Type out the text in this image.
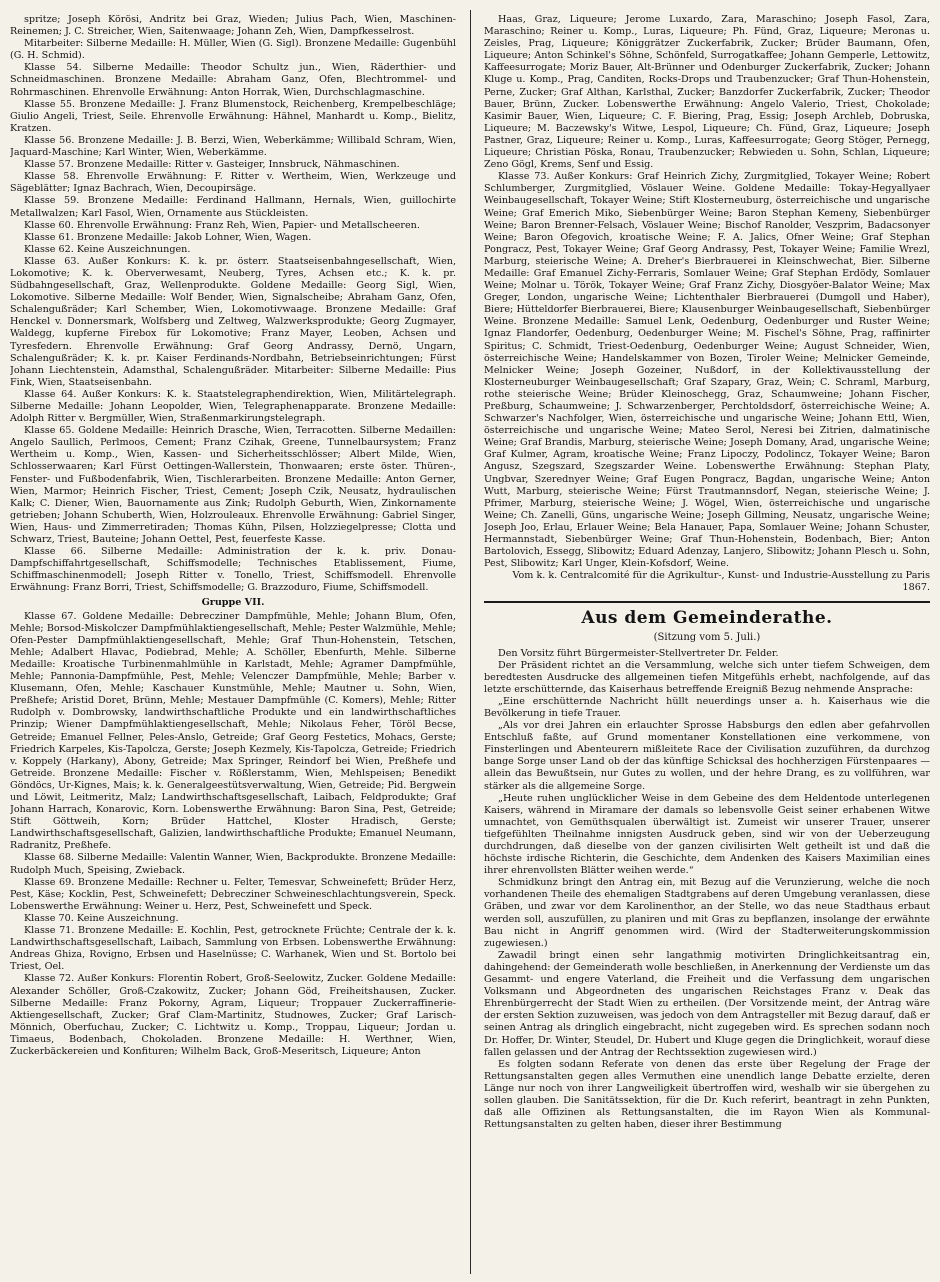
spritze; Joseph Körösi, Andritz bei Graz, Wieden; Julius Pach, Wien, Maschinen-Reinemen; J. C. Streicher, Wien, Saitenwaage; Johann Zeh, Wien, Dampfkesselrost.

Mitarbeiter: Silberne Medaille: H. Müller, Wien (G. Sigl). Bronzene Medaille: Gugenbühl (G. H. Schmid).

Klasse 54. Silberne Medaille: Theodor Schultz jun., Wien, Räderthier- und Schneidmaschinen. Bronzene Medaille: Abraham Ganz, Ofen, Blechtrommel- und Rohrmaschinen. Ehrenvolle Erwähnung: Anton Horrak, Wien, Durchschlagmaschine.

Klasse 55. Bronzene Medaille: J. Franz Blumenstock, Reichenberg, Krempelbeschläge; Giulio Angeli, Triest, Seile. Ehrenvolle Erwähnung: Hähnel, Manhardt u. Komp., Bielitz, Kratzen.

Klasse 56. Bronzene Medaille: J. B. Berzi, Wien, Weberkämme; Willibald Schram, Wien, Jaquard-Maschine; Karl Winter, Wien, Weberkämme.

Klasse 57. Bronzene Medaille: Ritter v. Gasteiger, Innsbruck, Nähmaschinen.

Klasse 58. Ehrenvolle Erwähnung: F. Ritter v. Wertheim, Wien, Werkzeuge und Sägeblätter; Ignaz Bachrach, Wien, Decoupirsäge.

Klasse 59. Bronzene Medaille: Ferdinand Hallmann, Hernals, Wien, guillochirte Metallwalzen; Karl Fasol, Wien, Ornamente aus Stückleisten.

Klasse 60. Ehrenvolle Erwähnung: Franz Reh, Wien, Papier- und Metallscheeren.

Klasse 61. Bronzene Medaille: Jakob Lohner, Wien, Wagen.

Klasse 62. Keine Auszeichnungen.

Klasse 63. Außer Konkurs: K. k. pr. österr. Staatseisenbahngesellschaft, Wien, Lokomotive; K. k. Oberverwesamt, Neuberg, Tyres, Achsen etc.; K. k. pr. Südbahngesellschaft, Graz, Wellenprodukte. Goldene Medaille: Georg Sigl, Wien, Lokomotive. Silberne Medaille: Wolf Bender, Wien, Signalscheibe; Abraham Ganz, Ofen, Schalengußräder; Karl Schember, Wien, Lokomotivwaage. Bronzene Medaille: Graf Henckel v. Donnersmark, Wolfsberg und Zeltweg, Walzwerksprodukte; Georg Zugmayer, Waldegg, kupferne Firebox für Lokomotive; Franz Mayer, Leoben, Achsen und Tyresfedern. Ehrenvolle Erwähnung: Graf Georg Andrassy, Dernö, Ungarn, Schalengußräder; K. k. pr. Kaiser Ferdinands-Nordbahn, Betriebseinrichtungen; Fürst Johann Liechtenstein, Adamsthal, Schalengußräder. Mitarbeiter: Silberne Medaille: Pius Fink, Wien, Staatseisenbahn.

Klasse 64. Außer Konkurs: K. k. Staatstelegraphendirektion, Wien, Militärtelegraph. Silberne Medaille: Johann Leopolder, Wien, Telegraphenapparate. Bronzene Medaille: Adolph Ritter v. Bergmüller, Wien, Straßenmarkirungstelegraph.

Klasse 65. Goldene Medaille: Heinrich Drasche, Wien, Terracotten. Silberne Medaillen: Angelo Saullich, Perlmoos, Cement; Franz Czihak, Greene, Tunnelbaursystem; Franz Wertheim u. Komp., Wien, Kassen- und Sicherheitsschlösser; Albert Milde, Wien, Schlosserwaaren; Karl Fürst Oettingen-Wallerstein, Thonwaaren; erste öster. Thüren-, Fenster- und Fußbodenfabrik, Wien, Tischlerarbeiten. Bronzene Medaille: Anton Gerner, Wien, Marmor; Heinrich Fischer, Triest, Cement; Joseph Czik, Neusatz, hydraulischen Kalk; C. Diener, Wien, Bauornamente aus Zink; Rudolph Geburth, Wien, Zinkornamente getrieben; Johann Schuberth, Wien, Holzrouleaux. Ehrenvolle Erwähnung: Gabriel Singer, Wien, Haus- und Zimmerretiraden; Thomas Kühn, Pilsen, Holzziegelpresse; Clotta und Schwarz, Triest, Bauteine; Johann Oettel, Pest, feuerfeste Kasse.

Klasse 66. Silberne Medaille: Administration der k. k. priv. Donau-Dampfschiffahrtgesellschaft, Schiffsmodelle; Technisches Etablissement, Fiume, Schiffmaschinenmodell; Joseph Ritter v. Tonello, Triest, Schiffsmodell. Ehrenvolle Erwähnung: Franz Borri, Triest, Schiffsmodelle; G. Brazzoduro, Fiume, Schiffsmodell.

Gruppe VII.

Klasse 67. Goldene Medaille: Debrecziner Dampfmühle, Mehle; Johann Blum, Ofen, Mehle; Borsod-Miskolczer Dampfmühlaktiengesellschaft, Mehle; Pester Walzmühle, Mehle; Ofen-Pester Dampfmühlaktiengesellschaft, Mehle; Graf Thun-Hohenstein, Tetschen, Mehle; Adalbert Hlavac, Podiebrad, Mehle; A. Schöller, Ebenfurth, Mehle. Silberne Medaille: Kroatische Turbinenmahlmühle in Karlstadt, Mehle; Agramer Dampfmühle, Mehle; Pannonia-Dampfmühle, Pest, Mehle; Velenczer Dampfmühle, Mehle; Barber v. Klusemann, Ofen, Mehle; Kaschauer Kunstmühle, Mehle; Mautner u. Sohn, Wien, Preßhefe; Aristid Doret, Brünn, Mehle; Mestauer Dampfmühle (C. Komers), Mehle; Ritter Rudolph v. Dombrowsky, landwirthschaftliche Produkte und ein landwirthschaftliches Prinzip; Wiener Dampfmühlaktiengesellschaft, Mehle; Nikolaus Feher, Töröl Becse, Getreide; Emanuel Fellner, Peles-Anslo, Getreide; Graf Georg Festetics, Mohacs, Gerste; Friedrich Karpeles, Kis-Tapolcza, Gerste; Joseph Kezmely, Kis-Tapolcza, Getreide; Friedrich v. Koppely (Harkany), Abony, Getreide; Max Springer, Reindorf bei Wien, Preßhefe und Getreide. Bronzene Medaille: Fischer v. Rößlerstamm, Wien, Mehlspeisen; Benedikt Göndöcs, Ur-Kignes, Mais; k. k. Generalgeestütsverwaltung, Wien, Getreide; Pid. Bergwein und Löwit, Leitmeritz, Malz; Landwirthschaftsgesellschaft, Laibach, Feldprodukte; Graf Johann Harrach, Konarovic, Korn. Lobenswerthe Erwähnung: Baron Sina, Pest, Getreide; Stift Göttweih, Korn; Brüder Hattchel, Kloster Hradisch, Gerste; Landwirthschaftsgesellschaft, Galizien, landwirthschaftliche Produkte; Emanuel Neumann, Radranitz, Preßhefe.

Klasse 68. Silberne Medaille: Valentin Wanner, Wien, Backprodukte. Bronzene Medaille: Rudolph Much, Speising, Zwieback.

Klasse 69. Bronzene Medaille: Rechner u. Felter, Temesvar, Schweinefett; Brüder Herz, Pest, Käse; Kocklin, Pest, Schweinefett; Debrecziner Schweineschlachtungsverein, Speck. Lobenswerthe Erwähnung: Weiner u. Herz, Pest, Schweinefett und Speck.

Klasse 70. Keine Auszeichnung.

Klasse 71. Bronzene Medaille: E. Kochlin, Pest, getrocknete Früchte; Centrale der k. k. Landwirthschaftsgesellschaft, Laibach, Sammlung von Erbsen. Lobenswerthe Erwähnung: Andreas Ghiza, Rovigno, Erbsen und Haselnüsse; C. Warhanek, Wien und St. Bortolo bei Triest, Oel.

Klasse 72. Außer Konkurs: Florentin Robert, Groß-Seelowitz, Zucker. Goldene Medaille: Alexander Schöller, Groß-Czakowitz, Zucker; Johann Göd, Freiheitshausen, Zucker. Silberne Medaille: Franz Pokorny, Agram, Liqueur; Troppauer Zuckerraffinerie-Aktiengesellschaft, Zucker; Graf Clam-Martinitz, Studnowes, Zucker; Graf Larisch-Mönnich, Oberfuchau, Zucker; C. Lichtwitz u. Komp., Troppau, Liqueur; Jordan u. Timaeus, Bodenbach, Chokoladen. Bronzene Medaille: H. Werthner, Wien, Zuckerbäckereien und Konfituren; Wilhelm Back, Groß-Meseritsch, Liqueure; Anton

Haas, Graz, Liqueure; Jerome Luxardo, Zara, Maraschino; Joseph Fasol, Zara, Maraschino; Reiner u. Komp., Luras, Liqueure; Ph. Fünd, Graz, Liqueure; Meronas u. Zeisles, Prag, Liqueure; Königgrätzer Zuckerfabrik, Zucker; Brüder Baumann, Ofen, Liqueure; Anton Schinkel's Söhne, Schönfeld, Surrogatkaffee; Johann Gemperle, Lettowitz, Kaffeesurrogate; Moriz Bauer, Alt-Brünner und Odenburger Zuckerfabrik, Zucker; Johann Kluge u. Komp., Prag, Canditen, Rocks-Drops und Traubenzucker; Graf Thun-Hohenstein, Perne, Zucker; Graf Althan, Karlsthal, Zucker; Banzdorfer Zuckerfabrik, Zucker; Theodor Bauer, Brünn, Zucker. Lobenswerthe Erwähnung: Angelo Valerio, Triest, Chokolade; Kasimir Bauer, Wien, Liqueure; C. F. Biering, Prag, Essig; Joseph Archleb, Dobruska, Liqueure; M. Baczewsky's Witwe, Lespol, Liqueure; Ch. Fünd, Graz, Liqueure; Joseph Pastner, Graz, Liqueure; Reiner u. Komp., Luras, Kaffeesurrogate; Georg Stöger, Pernegg, Liqueure; Christian Pöska, Ronau, Traubenzucker; Rebwieden u. Sohn, Schlan, Liqueure; Zeno Gögl, Krems, Senf und Essig.

Klasse 73. Außer Konkurs: Graf Heinrich Zichy, Zurgmitglied, Tokayer Weine; Robert Schlumberger, Zurgmitglied, Vöslauer Weine. Goldene Medaille: Tokay-Hegyallyaer Weinbaugesellschaft, Tokayer Weine; Stift Klosterneuburg, österreichische und ungarische Weine; Graf Emerich Miko, Siebenbürger Weine; Baron Stephan Kemeny, Siebenbürger Weine; Baron Brenner-Felsach, Vöslauer Weine; Bischof Ranolder, Veszprim, Badacsonyer Weine; Baron Ofegovich, kroatische Weine; F. A. Jalics, Ofner Weine; Graf Stephan Pongracz, Pest, Tokayer Weine; Graf Georg Andrassy, Pest, Tokayer Weine; Familie Wrezl, Marburg, steierische Weine; A. Dreher's Bierbrauerei in Kleinschwechat, Bier. Silberne Medaille: Graf Emanuel Zichy-Ferraris, Somlauer Weine; Graf Stephan Erdödy, Somlauer Weine; Molnar u. Török, Tokayer Weine; Graf Franz Zichy, Diosgyöer-Balator Weine; Max Greger, London, ungarische Weine; Lichtenthaler Bierbrauerei (Dumgoll und Haber), Biere; Hütteldorfer Bierbrauerei, Biere; Klausenburger Weinbaugesellschaft, Siebenbürger Weine. Bronzene Medaille: Samuel Lenk, Oedenburg, Oedenburger und Ruster Weine; Ignaz Flandorfer, Oedenburg, Oedenburger Weine; M. Fischel's Söhne, Prag, raffinirter Spiritus; C. Schmidt, Triest-Oedenburg, Oedenburger Weine; August Schneider, Wien, österreichische Weine; Handelskammer von Bozen, Tiroler Weine; Melnicker Gemeinde, Melnicker Weine; Joseph Gozeiner, Nußdorf, in der Kollektivausstellung der Klosterneuburger Weinbaugesellschaft; Graf Szapary, Graz, Wein; C. Schraml, Marburg, rothe steierische Weine; Brüder Kleinoschegg, Graz, Schaumweine; Johann Fischer, Preßburg, Schaumweine; J. Schwarzenberger, Perchtoldsdorf, österreichische Weine; A. Schwarzer's Nachfolger, Wien, österreichische und ungarische Weine; Johann Ettl, Wien, österreichische und ungarische Weine; Mateo Serol, Neresi bei Zitrien, dalmatinische Weine; Graf Brandis, Marburg, steierische Weine; Joseph Domany, Arad, ungarische Weine; Graf Kulmer, Agram, kroatische Weine; Franz Lipoczy, Podolincz, Tokayer Weine; Baron Angusz, Szegszard, Szegszarder Weine. Lobenswerthe Erwähnung: Stephan Platy, Ungbvar, Szerednyer Weine; Graf Eugen Pongracz, Bagdan, ungarische Weine; Anton Wutt, Marburg, steierische Weine; Fürst Trautmannsdorf, Negan, steierische Weine; J. Pfrimer, Marburg, steierische Weine; J. Wögel, Wien, österreichische und ungarische Weine; Ch. Zanelli, Güns, ungarische Weine; Joseph Gillming, Neusatz, ungarische Weine; Joseph Joo, Erlau, Erlauer Weine; Bela Hanauer, Papa, Somlauer Weine; Johann Schuster, Hermannstadt, Siebenbürger Weine; Graf Thun-Hohenstein, Bodenbach, Bier; Anton Bartolovich, Essegg, Slibowitz; Eduard Adenzay, Lanjero, Slibowitz; Johann Plesch u. Sohn, Pest, Slibowitz; Karl Unger, Klein-Kofsdorf, Weine.

Vom k. k. Centralcomité für die Agrikultur-, Kunst- und Industrie-Ausstellung zu Paris 1867.

Aus dem Gemeinderathe.
(Sitzung vom 5. Juli.)

Den Vorsitz führt Bürgermeister-Stellvertreter Dr. Felder.

Der Präsident richtet an die Versammlung, welche sich unter tiefem Schweigen, dem beredtesten Ausdrucke des allgemeinen tiefen Mitgefühls erhebt, nachfolgende, auf das letzte erschütternde, das Kaiserhaus betreffende Ereigniß Bezug nehmende Ansprache:

„Eine erschütternde Nachricht hüllt neuerdings unser a. h. Kaiserhaus wie die Bevölkerung in tiefe Trauer.

„Als vor drei Jahren ein erlauchter Sprosse Habsburgs den edlen aber gefahrvollen Entschluß faßte, auf Grund momentaner Konstellationen eine verkommene, von Finsterlingen und Abenteurern mißleitete Race der Civilisation zuzuführen, da durchzog bange Sorge unser Land ob der das künftige Schicksal des hochherzigen Fürstenpaares — allein das Bewußtsein, nur Gutes zu wollen, und der hehre Drang, es zu vollführen, war stärker als die allgemeine Sorge.

„Heute ruhen unglücklicher Weise in dem Gebeine des dem Heldentode unterlegenen Kaisers, während in Miramare der damals so lebensvolle Geist seiner erhabenen Witwe umnachtet, von Gemüthsqualen überwältigt ist. Zumeist wir unserer Trauer, unserer tiefgefühlten Theilnahme innigsten Ausdruck geben, sind wir von der Ueberzeugung durchdrungen, daß dieselbe von der ganzen civilisirten Welt getheilt ist und daß die höchste irdische Richterin, die Geschichte, dem Andenken des Kaisers Maximilian eines ihrer ehrenvollsten Blätter weihen werde.“

Schmidkunz bringt den Antrag ein, mit Bezug auf die Verunzierung, welche die noch vorhandenen Theile des ehemaligen Stadtgrabens auf deren Umgebung veranlassen, diese Gräben, und zwar vor dem Karolinenthor, an der Stelle, wo das neue Stadthaus erbaut werden soll, auszufüllen, zu planiren und mit Gras zu bepflanzen, insolange der erwähnte Bau nicht in Angriff genommen wird. (Wird der Stadterweiterungskommission zugewiesen.)

Zawadil bringt einen sehr langathmig motivirten Dringlichkeitsantrag ein, dahingehend: der Gemeinderath wolle beschließen, in Anerkennung der Verdienste um das Gesammt- und engere Vaterland, die Freiheit und die Verfassung dem ungarischen Volksmann und Abgeordneten des ungarischen Reichstages Franz v. Deak das Ehrenbürgerrecht der Stadt Wien zu ertheilen. (Der Vorsitzende meint, der Antrag wäre der ersten Sektion zuzuweisen, was jedoch von dem Antragsteller mit Bezug darauf, daß er seinen Antrag als dringlich eingebracht, nicht zugegeben wird. Es sprechen sodann noch Dr. Hoffer, Dr. Winter, Steudel, Dr. Hubert und Kluge gegen die Dringlichkeit, worauf diese fallen gelassen und der Antrag der Rechtssektion zugewiesen wird.)

Es folgten sodann Referate von denen das erste über Regelung der Frage der Rettungsanstalten gegen alles Vermuthen eine unendlich lange Debatte erzielte, deren Länge nur noch von ihrer Langweiligkeit übertroffen wird, weshalb wir sie übergehen zu sollen glauben. Die Sanitätssektion, für die Dr. Kuch referirt, beantragt in zehn Punkten, daß alle Offizinen als Rettungsanstalten, die im Rayon Wien als Kommunal-Rettungsanstalten zu gelten haben, dieser ihrer Bestimmung
